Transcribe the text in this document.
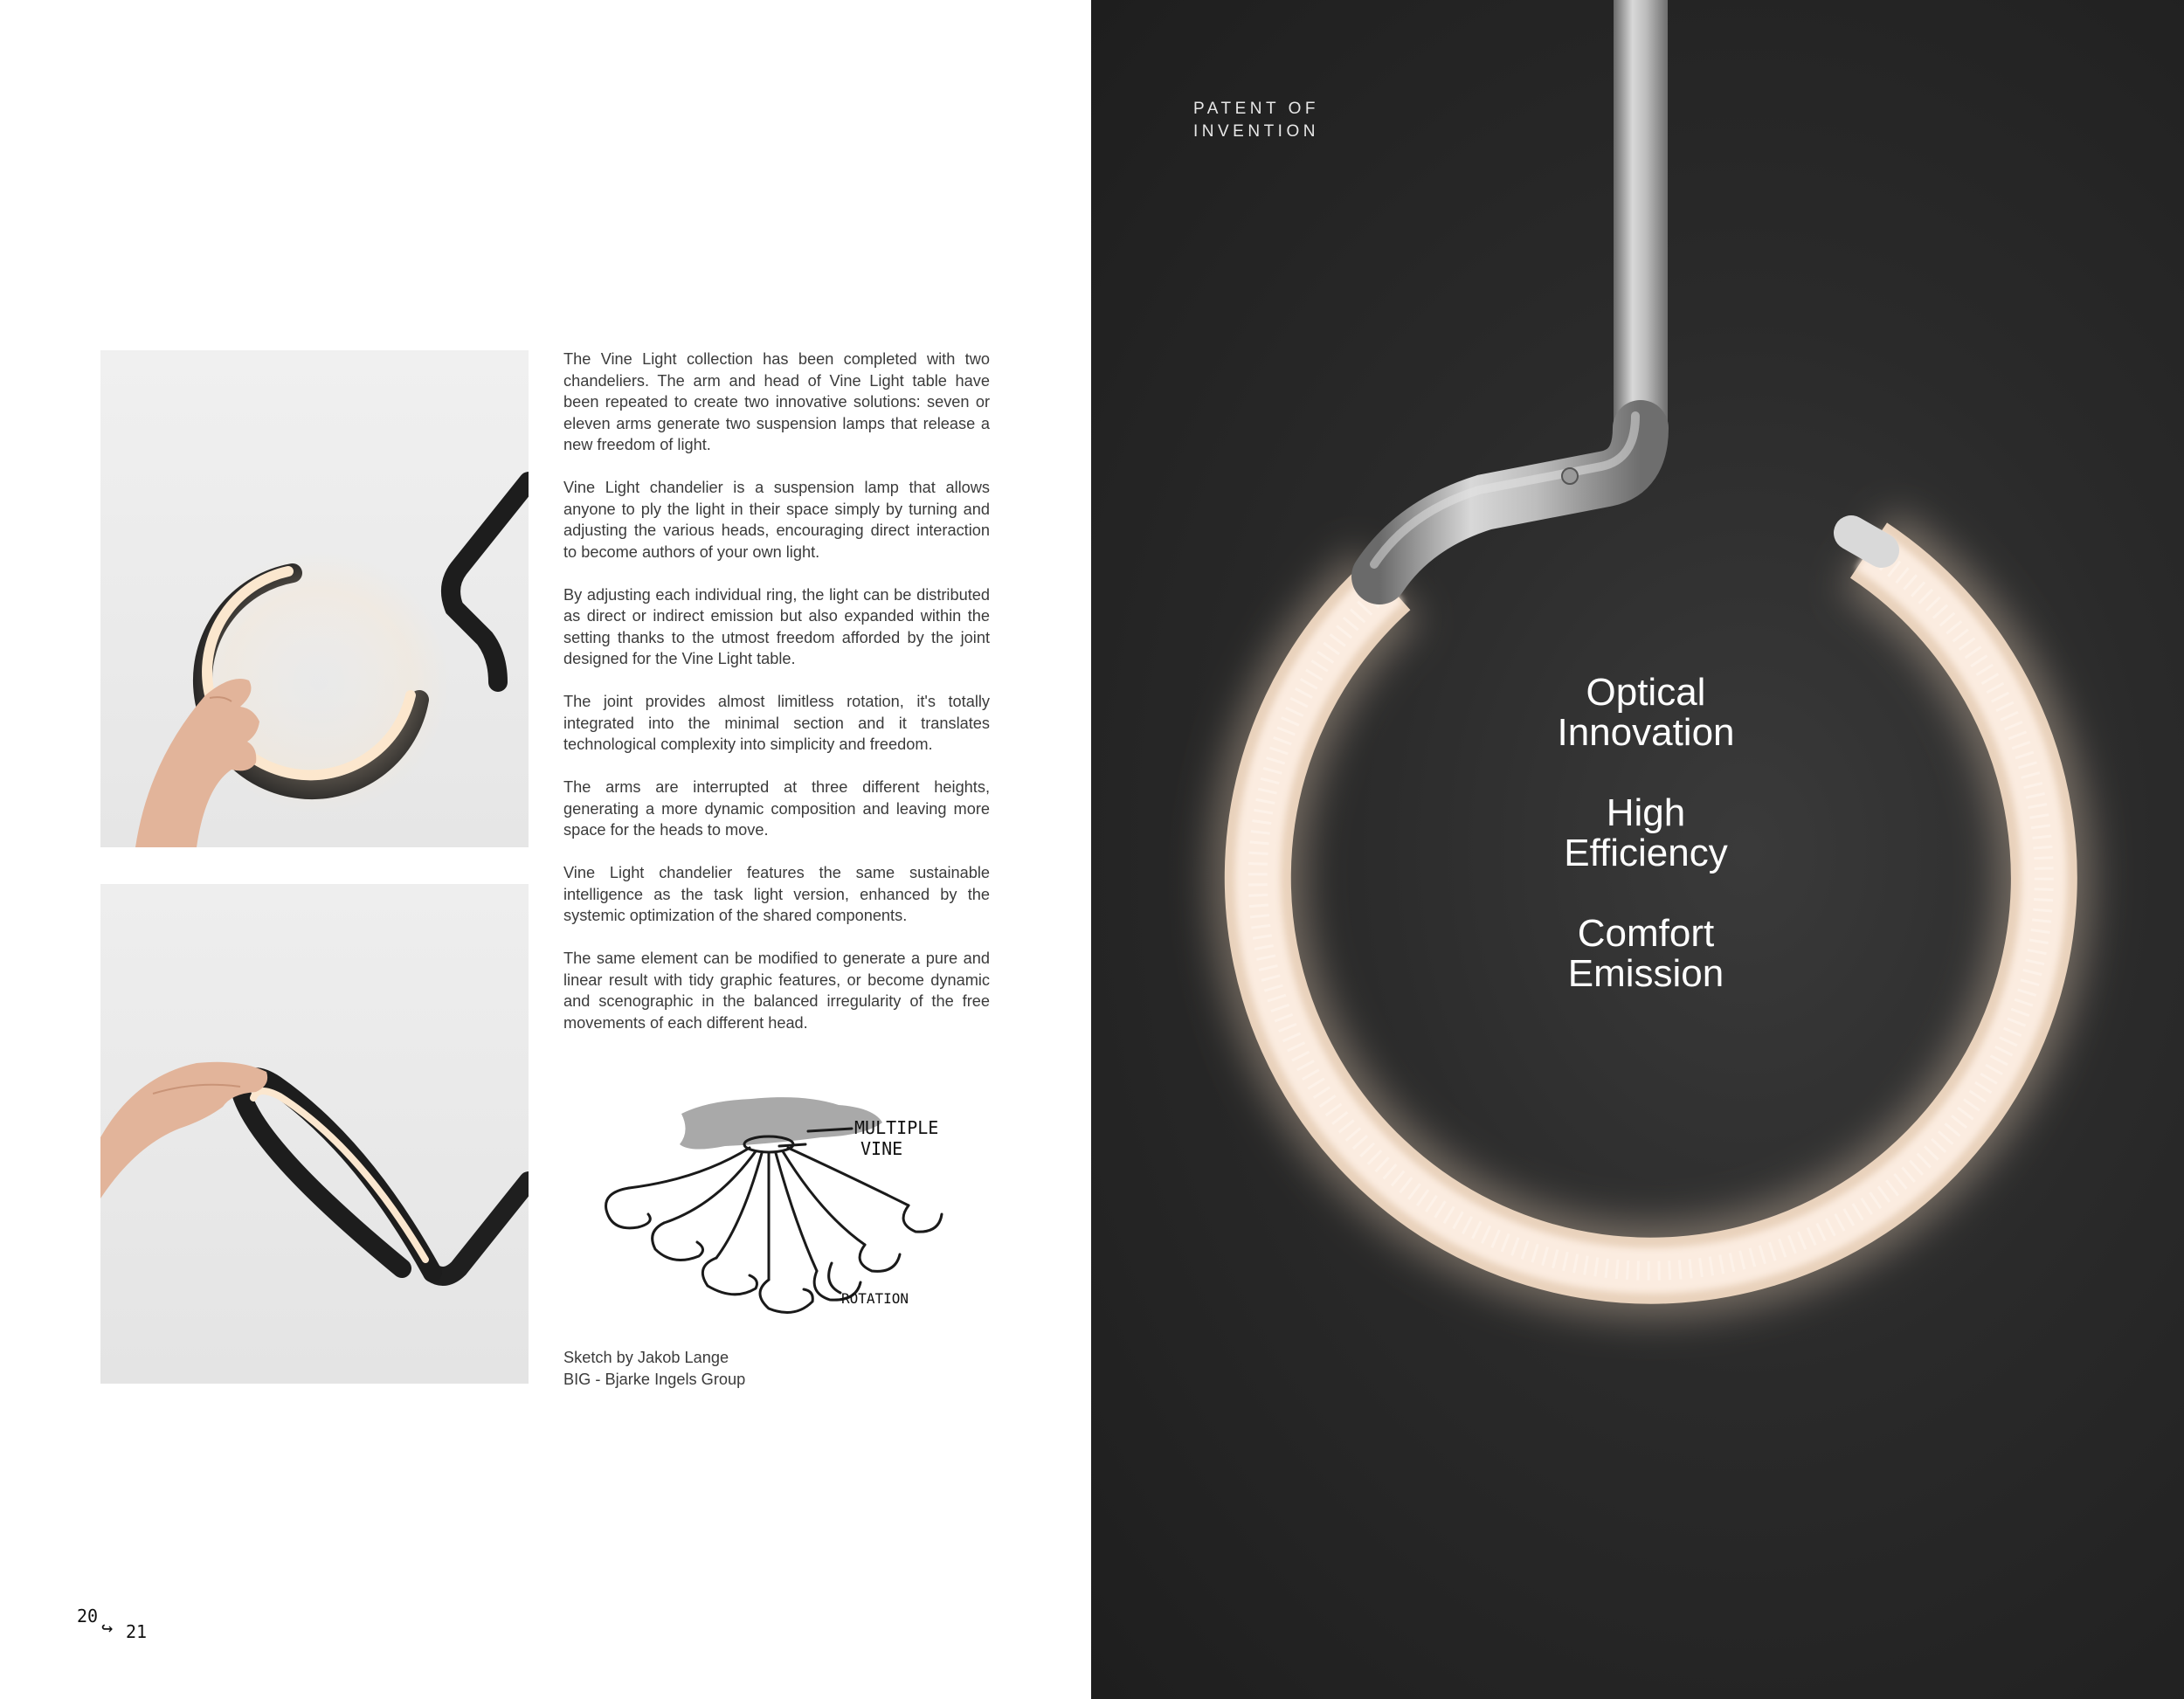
The Vine Light collection has been completed with two chandeliers. The arm and head of Vine Light table have been repeated to create two innovative solutions: seven or eleven arms generate two suspension lamps that release a new freedom of light.

Vine Light chandelier is a suspension lamp that allows anyone to ply the light in their space simply by turning and adjusting the various heads, encouraging direct interaction to become authors of your own light.

By adjusting each individual ring, the light can be distributed as direct or indirect emission but also expanded within the setting thanks to the utmost freedom afforded by the joint designed for the Vine Light table.

The joint provides almost limitless rotation, it's totally integrated into the minimal section and it translates technological complexity into simplicity and freedom.

The arms are interrupted at three different heights, generating a more dynamic composition and leaving more space for the heads to move.

Vine Light chandelier features the same sustainable intelligence as the task light version, enhanced by the systemic optimization of the shared components.

The same element can be modified to generate a pure and linear result with tidy graphic features, or become dynamic and scenographic in the balanced irregularity of the free movements of each different head.

MULTIPLE
VINE
ROTATION
Sketch by Jakob Lange
BIG - Bjarke Ingels Group
20
↪ 21
PATENT OF
INVENTION
Optical
Innovation
High
Efficiency
Comfort
Emission
